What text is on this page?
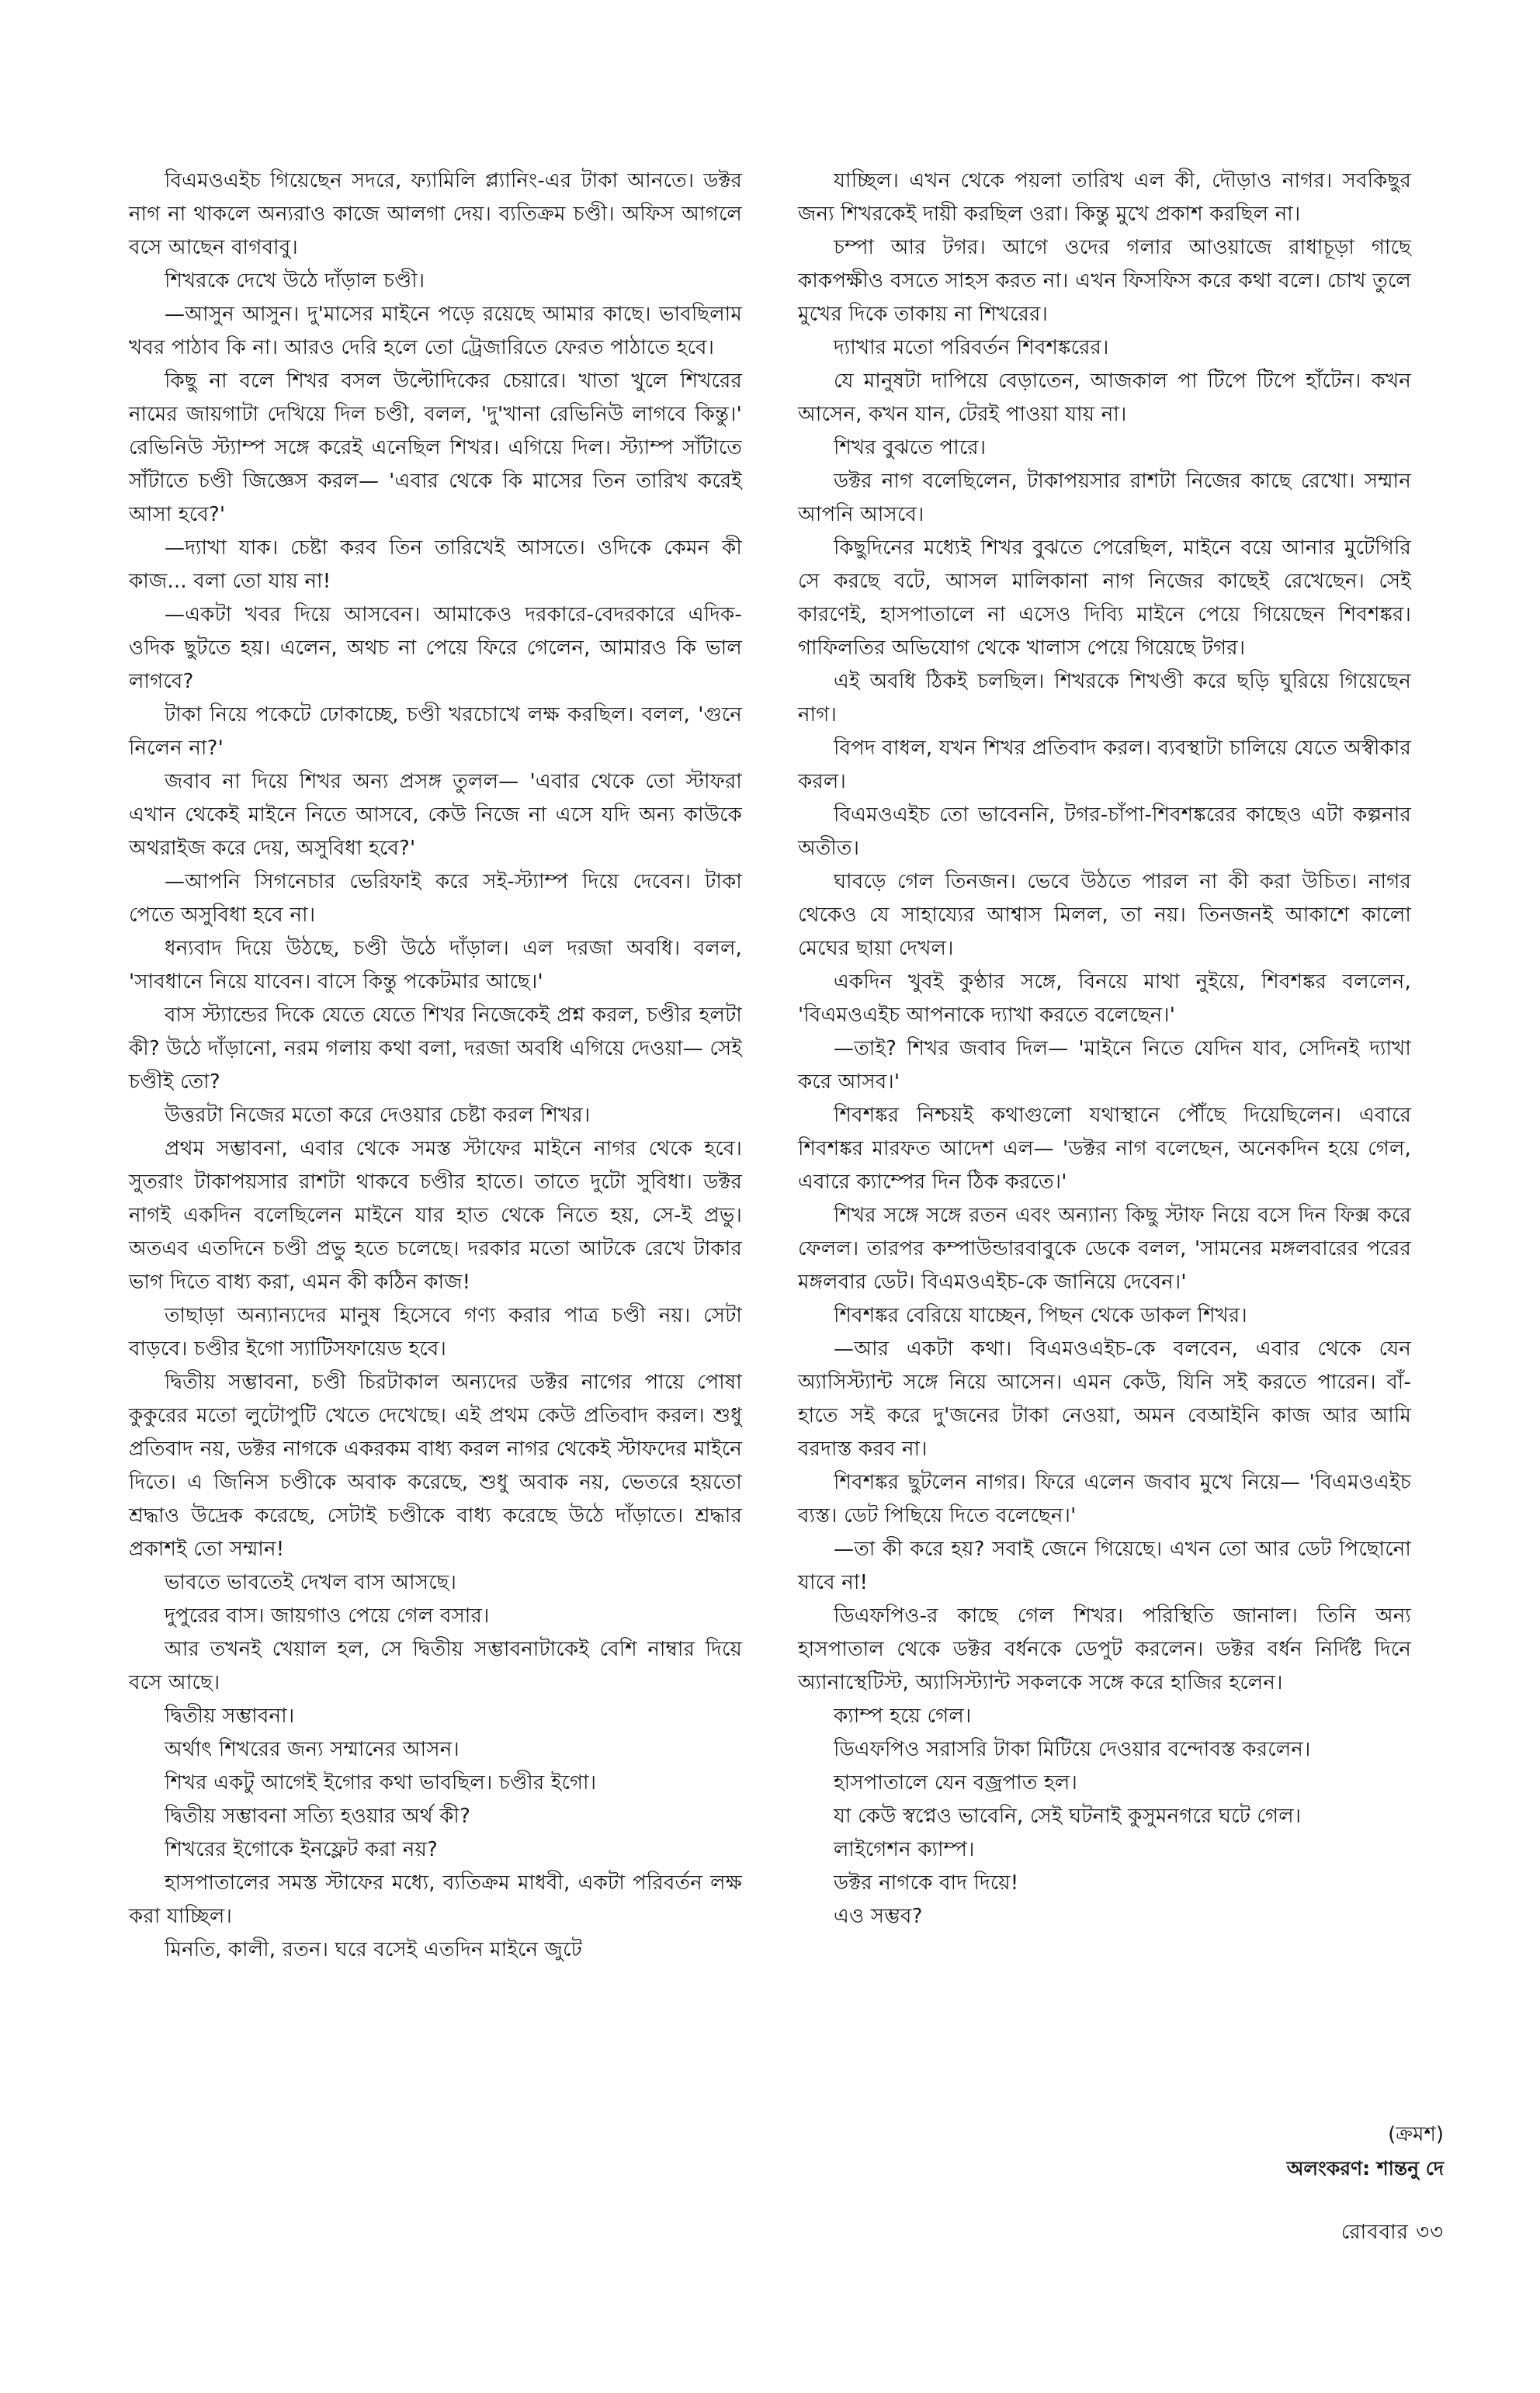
বিএমওএইচ গিয়েছেন সদরে, ফ্যামিলি প্ল্যানিং-এর টাকা আনতে। ডক্টর নাগ না থাকলে অন্যরাও কাজে আলগা দেয়। ব্যতিক্রম চণ্ডী। অফিস আগলে বসে আছেন বাগবাবু।

শিখরকে দেখে উঠে দাঁড়াল চণ্ডী।

—আসুন আসুন। দু'মাসের মাইনে পড়ে রয়েছে আমার কাছে। ভাবছিলাম খবর পাঠাব কি না। আরও দেরি হলে তো ট্রেজারিতে ফেরত পাঠাতে হবে।

কিছু না বলে শিখর বসল উল্টোদিকের চেয়ারে। খাতা খুলে শিখরের নামের জায়গাটা দেখিয়ে দিল চণ্ডী, বলল, 'দু'খানা রেভিনিউ লাগবে কিন্তু।' রেভিনিউ স্ট্যাম্প সঙ্গে করেই এনেছিল শিখর। এগিয়ে দিল। স্ট্যাম্প সাঁটাতে সাঁটাতে চণ্ডী জিজ্ঞেস করল— 'এবার থেকে কি মাসের তিন তারিখ করেই আসা হবে?'

—দ্যাখা যাক। চেষ্টা করব তিন তারিখেই আসতে। ওদিকে কেমন কী কাজ... বলা তো যায় না!

—একটা খবর দিয়ে আসবেন। আমাকেও দরকারে-বেদরকারে এদিক-ওদিক ছুটতে হয়। এলেন, অথচ না পেয়ে ফিরে গেলেন, আমারও কি ভাল লাগবে?

টাকা নিয়ে পকেটে ঢোকাচ্ছে, চণ্ডী খরচোখে লক্ষ করছিল। বলল, 'গুনে নিলেন না?'

জবাব না দিয়ে শিখর অন্য প্রসঙ্গ তুলল— 'এবার থেকে তো স্টাফরা এখান থেকেই মাইনে নিতে আসবে, কেউ নিজে না এসে যদি অন্য কাউকে অথরাইজ করে দেয়, অসুবিধা হবে?'

—আপনি সিগনেচার ভেরিফাই করে সই-স্ট্যাম্প দিয়ে দেবেন। টাকা পেতে অসুবিধা হবে না।

ধন্যবাদ দিয়ে উঠছে, চণ্ডী উঠে দাঁড়াল। এল দরজা অবধি। বলল, 'সাবধানে নিয়ে যাবেন। বাসে কিন্তু পকেটমার আছে।'

বাস স্ট্যান্ডের দিকে যেতে যেতে শিখর নিজেকেই প্রশ্ন করল, চণ্ডীর হলটা কী? উঠে দাঁড়ানো, নরম গলায় কথা বলা, দরজা অবধি এগিয়ে দেওয়া— সেই চণ্ডীই তো?

উত্তরটা নিজের মতো করে দেওয়ার চেষ্টা করল শিখর।

প্রথম সম্ভাবনা, এবার থেকে সমস্ত স্টাফের মাইনে নাগর থেকে হবে। সুতরাং টাকাপয়সার রাশটা থাকবে চণ্ডীর হাতে। তাতে দুটো সুবিধা। ডক্টর নাগই একদিন বলেছিলেন মাইনে যার হাত থেকে নিতে হয়, সে-ই প্রভু। অতএব এতদিনে চণ্ডী প্রভু হতে চলেছে। দরকার মতো আটকে রেখে টাকার ভাগ দিতে বাধ্য করা, এমন কী কঠিন কাজ!

তাছাড়া অন্যান্যদের মানুষ হিসেবে গণ্য করার পাত্র চণ্ডী নয়। সেটা বাড়বে। চণ্ডীর ইগো স্যাটিসফায়েড হবে।

দ্বিতীয় সম্ভাবনা, চণ্ডী চিরটাকাল অন্যদের ডক্টর নাগের পায়ে পোষা কুকুরের মতো লুটোপুটি খেতে দেখেছে। এই প্রথম কেউ প্রতিবাদ করল। শুধু প্রতিবাদ নয়, ডক্টর নাগকে একরকম বাধ্য করল নাগর থেকেই স্টাফদের মাইনে দিতে। এ জিনিস চণ্ডীকে অবাক করেছে, শুধু অবাক নয়, ভেতরে হয়তো শ্রদ্ধাও উদ্রেক করেছে, সেটাই চণ্ডীকে বাধ্য করেছে উঠে দাঁড়াতে। শ্রদ্ধার প্রকাশই তো সম্মান!

ভাবতে ভাবতেই দেখল বাস আসছে।

দুপুরের বাস। জায়গাও পেয়ে গেল বসার।

আর তখনই খেয়াল হল, সে দ্বিতীয় সম্ভাবনাটাকেই বেশি নাম্বার দিয়ে বসে আছে।

দ্বিতীয় সম্ভাবনা।

অর্থাৎ শিখরের জন্য সম্মানের আসন।

শিখর একটু আগেই ইগোর কথা ভাবছিল। চণ্ডীর ইগো।

দ্বিতীয় সম্ভাবনা সত্যি হওয়ার অর্থ কী?

শিখরের ইগোকে ইনফ্লেট করা নয়?

হাসপাতালের সমস্ত স্টাফের মধ্যে, ব্যতিক্রম মাধবী, একটা পরিবর্তন লক্ষ করা যাচ্ছিল।

মিনতি, কালী, রতন। ঘরে বসেই এতদিন মাইনে জুটে

যাচ্ছিল। এখন থেকে পয়লা তারিখ এল কী, দৌড়াও নাগর। সবকিছুর জন্য শিখরকেই দায়ী করছিল ওরা। কিন্তু মুখে প্রকাশ করছিল না।

চম্পা আর টগর। আগে ওদের গলার আওয়াজে রাধাচূড়া গাছে কাকপক্ষীও বসতে সাহস করত না। এখন ফিসফিস করে কথা বলে। চোখ তুলে মুখের দিকে তাকায় না শিখরের।

দ্যাখার মতো পরিবর্তন শিবশঙ্করের।

যে মানুষটা দাপিয়ে বেড়াতেন, আজকাল পা টিপে টিপে হাঁটেন। কখন আসেন, কখন যান, টেরই পাওয়া যায় না।

শিখর বুঝতে পারে।

ডক্টর নাগ বলেছিলেন, টাকাপয়সার রাশটা নিজের কাছে রেখো। সম্মান আপনি আসবে।

কিছুদিনের মধ্যেই শিখর বুঝতে পেরেছিল, মাইনে বয়ে আনার মুটেগিরি সে করছে বটে, আসল মালিকানা নাগ নিজের কাছেই রেখেছেন। সেই কারণেই, হাসপাতালে না এসেও দিব্যি মাইনে পেয়ে গিয়েছেন শিবশঙ্কর। গাফিলতির অভিযোগ থেকে খালাস পেয়ে গিয়েছে টগর।

এই অবধি ঠিকই চলছিল। শিখরকে শিখণ্ডী করে ছড়ি ঘুরিয়ে গিয়েছেন নাগ।

বিপদ বাধল, যখন শিখর প্রতিবাদ করল। ব্যবস্থাটা চালিয়ে যেতে অস্বীকার করল।

বিএমওএইচ তো ভাবেননি, টগর-চাঁপা-শিবশঙ্করের কাছেও এটা কল্পনার অতীত।

ঘাবড়ে গেল তিনজন। ভেবে উঠতে পারল না কী করা উচিত। নাগর থেকেও যে সাহায্যের আশ্বাস মিলল, তা নয়। তিনজনই আকাশে কালো মেঘের ছায়া দেখল।

একদিন খুবই কুণ্ঠার সঙ্গে, বিনয়ে মাথা নুইয়ে, শিবশঙ্কর বললেন, 'বিএমওএইচ আপনাকে দ্যাখা করতে বলেছেন।'

—তাই? শিখর জবাব দিল— 'মাইনে নিতে যেদিন যাব, সেদিনই দ্যাখা করে আসব।'

শিবশঙ্কর নিশ্চয়ই কথাগুলো যথাস্থানে পৌঁছে দিয়েছিলেন। এবারে শিবশঙ্কর মারফত আদেশ এল— 'ডক্টর নাগ বলেছেন, অনেকদিন হয়ে গেল, এবারে ক্যাম্পের দিন ঠিক করতে।'

শিখর সঙ্গে সঙ্গে রতন এবং অন্যান্য কিছু স্টাফ নিয়ে বসে দিন ফিক্স করে ফেলল। তারপর কম্পাউন্ডারবাবুকে ডেকে বলল, 'সামনের মঙ্গলবারের পরের মঙ্গলবার ডেট। বিএমওএইচ-কে জানিয়ে দেবেন।'

শিবশঙ্কর বেরিয়ে যাচ্ছেন, পিছন থেকে ডাকল শিখর।

—আর একটা কথা। বিএমওএইচ-কে বলবেন, এবার থেকে যেন অ্যাসিস্ট্যান্ট সঙ্গে নিয়ে আসেন। এমন কেউ, যিনি সই করতে পারেন। বাঁ-হাতে সই করে দু'জনের টাকা নেওয়া, অমন বেআইনি কাজ আর আমি বরদাস্ত করব না।

শিবশঙ্কর ছুটলেন নাগর। ফিরে এলেন জবাব মুখে নিয়ে— 'বিএমওএইচ ব্যস্ত। ডেট পিছিয়ে দিতে বলেছেন।'

—তা কী করে হয়? সবাই জেনে গিয়েছে। এখন তো আর ডেট পিছোনো যাবে না!

ডিএফপিও-র কাছে গেল শিখর। পরিস্থিতি জানাল। তিনি অন্য হাসপাতাল থেকে ডক্টর বর্ধনকে ডেপুট করলেন। ডক্টর বর্ধন নির্দিষ্ট দিনে অ্যানাস্থেটিস্ট, অ্যাসিস্ট্যান্ট সকলকে সঙ্গে করে হাজির হলেন।

ক্যাম্প হয়ে গেল।

ডিএফপিও সরাসরি টাকা মিটিয়ে দেওয়ার বন্দোবস্ত করলেন।

হাসপাতালে যেন বজ্রপাত হল।

যা কেউ স্বপ্নেও ভাবেনি, সেই ঘটনাই কুসুমনগরে ঘটে গেল।

লাইগেশন ক্যাম্প।

ডক্টর নাগকে বাদ দিয়ে!

এও সম্ভব?

(ক্রমশ)

অলংকরণ: শান্তনু দে

রোববার ৩৩
